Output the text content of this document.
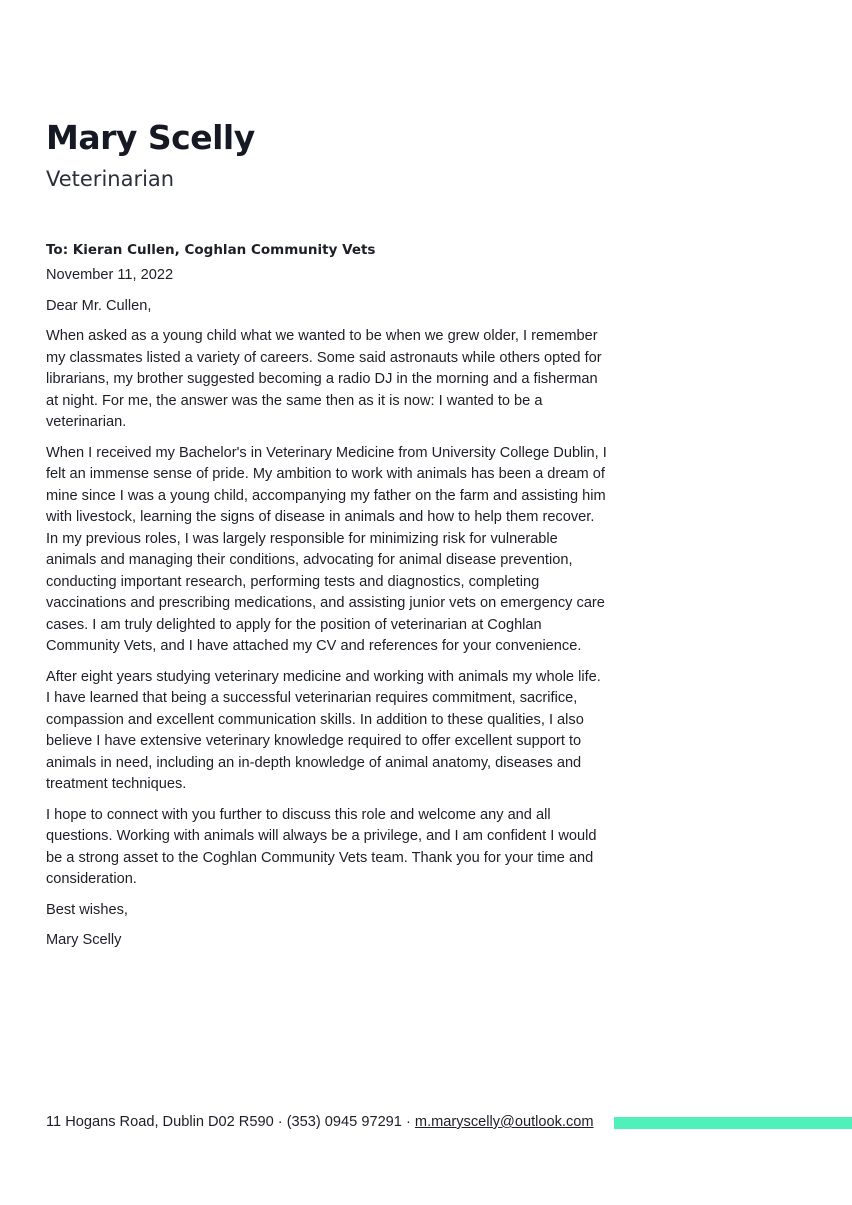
Mary Scelly
Veterinarian

To: Kieran Cullen, Coghlan Community Vets

November 11, 2022

Dear Mr. Cullen,

When asked as a young child what we wanted to be when we grew older, I remember my classmates listed a variety of careers. Some said astronauts while others opted for librarians, my brother suggested becoming a radio DJ in the morning and a fisherman at night. For me, the answer was the same then as it is now: I wanted to be a veterinarian.

When I received my Bachelor's in Veterinary Medicine from University College Dublin, I felt an immense sense of pride. My ambition to work with animals has been a dream of mine since I was a young child, accompanying my father on the farm and assisting him with livestock, learning the signs of disease in animals and how to help them recover. In my previous roles, I was largely responsible for minimizing risk for vulnerable animals and managing their conditions, advocating for animal disease prevention, conducting important research, performing tests and diagnostics, completing vaccinations and prescribing medications, and assisting junior vets on emergency care cases. I am truly delighted to apply for the position of veterinarian at Coghlan Community Vets, and I have attached my CV and references for your convenience.

After eight years studying veterinary medicine and working with animals my whole life. I have learned that being a successful veterinarian requires commitment, sacrifice, compassion and excellent communication skills. In addition to these qualities, I also believe I have extensive veterinary knowledge required to offer excellent support to animals in need, including an in-depth knowledge of animal anatomy, diseases and treatment techniques.

I hope to connect with you further to discuss this role and welcome any and all questions. Working with animals will always be a privilege, and I am confident I would be a strong asset to the Coghlan Community Vets team. Thank you for your time and consideration.

Best wishes,

Mary Scelly

11 Hogans Road, Dublin D02 R590 · (353) 0945 97291 · m.maryscelly@outlook.com
